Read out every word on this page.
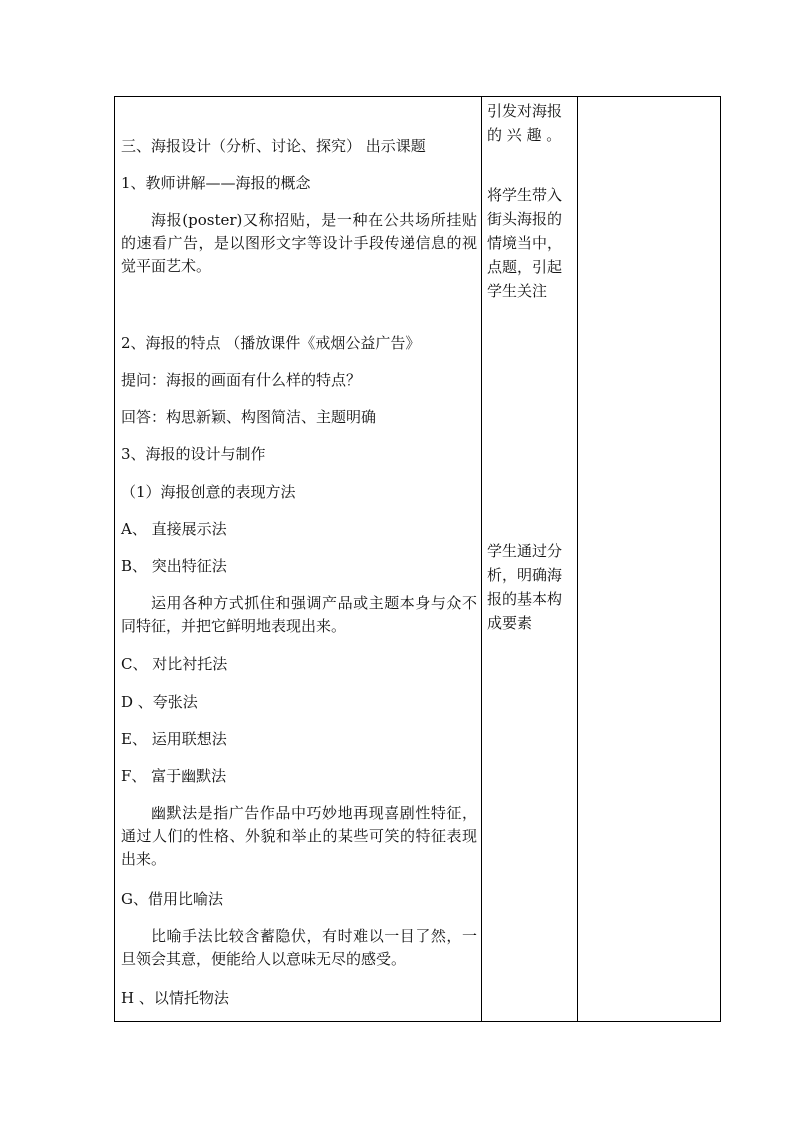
三、海报设计（分析、讨论、探究） 出示课题
1、教师讲解——海报的概念
海报(poster)又称招贴，是一种在公共场所挂贴的速看广告，是以图形文字等设计手段传递信息的视觉平面艺术。
2、海报的特点 （播放课件《戒烟公益广告》
提问：海报的画面有什么样的特点？
回答：构思新颖、构图简洁、主题明确
3、海报的设计与制作
（1）海报创意的表现方法
A、 直接展示法
B、 突出特征法
运用各种方式抓住和强调产品或主题本身与众不同特征，并把它鲜明地表现出来。
C、 对比衬托法
D 、夸张法
E、 运用联想法
F、 富于幽默法
幽默法是指广告作品中巧妙地再现喜剧性特征，通过人们的性格、外貌和举止的某些可笑的特征表现出来。
G、借用比喻法
比喻手法比较含蓄隐伏，有时难以一目了然，一旦领会其意，便能给人以意味无尽的感受。
H 、以情托物法
引发对海报的 兴 趣 。
将学生带入街头海报的情境当中，点题，引起学生关注
学生通过分析，明确海报的基本构成要素
